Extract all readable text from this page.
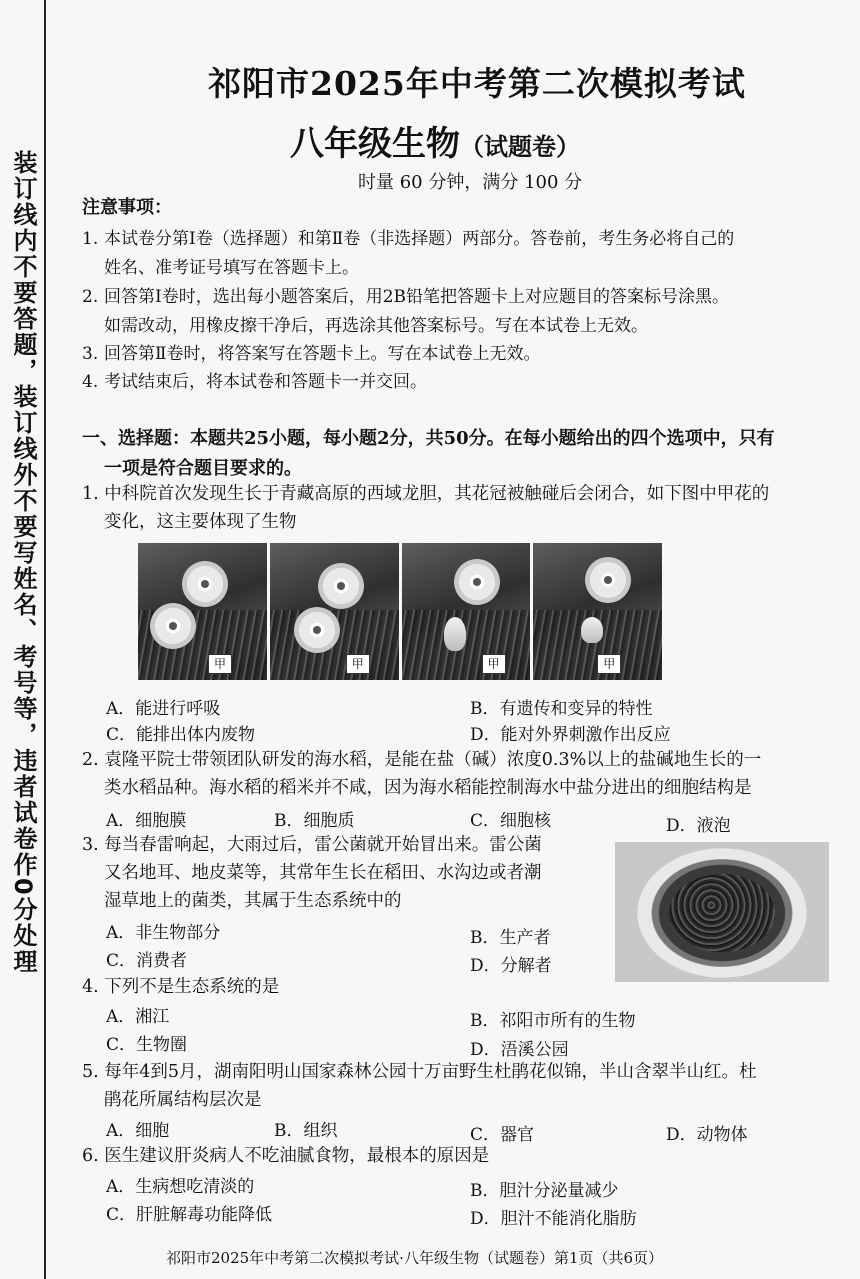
装订线内不要答题，装订线外不要写姓名、考号等，违者试卷作0分处理
祁阳市2025年中考第二次模拟考试
八年级生物（试题卷）
时量 60 分钟，满分 100 分
注意事项：
1. 本试卷分第Ⅰ卷（选择题）和第Ⅱ卷（非选择题）两部分。答卷前，考生务必将自己的
姓名、准考证号填写在答题卡上。
2. 回答第Ⅰ卷时，选出每小题答案后，用2B铅笔把答题卡上对应题目的答案标号涂黑。
如需改动，用橡皮擦干净后，再选涂其他答案标号。写在本试卷上无效。
3. 回答第Ⅱ卷时，将答案写在答题卡上。写在本试卷上无效。
4. 考试结束后，将本试卷和答题卡一并交回。
一、选择题：本题共25小题，每小题2分，共50分。在每小题给出的四个选项中，只有
一项是符合题目要求的。
1. 中科院首次发现生长于青藏高原的西域龙胆，其花冠被触碰后会闭合，如下图中甲花的
变化，这主要体现了生物
甲	甲	甲	甲
A．能进行呼吸	B．有遗传和变异的特性
C．能排出体内废物	D．能对外界刺激作出反应
2. 袁隆平院士带领团队研发的海水稻，是能在盐（碱）浓度0.3%以上的盐碱地生长的一
类水稻品种。海水稻的稻米并不咸，因为海水稻能控制海水中盐分进出的细胞结构是
A．细胞膜	B．细胞质	C．细胞核	D．液泡
3. 每当春雷响起，大雨过后，雷公菌就开始冒出来。雷公菌
又名地耳、地皮菜等，其常年生长在稻田、水沟边或者潮
湿草地上的菌类，其属于生态系统中的
A．非生物部分	B．生产者
C．消费者	D．分解者
4. 下列不是生态系统的是
A．湘江	B．祁阳市所有的生物
C．生物圈	D．浯溪公园
5. 每年4到5月，湖南阳明山国家森林公园十万亩野生杜鹃花似锦，半山含翠半山红。杜
鹃花所属结构层次是
A．细胞	B．组织	C．器官	D．动物体
6. 医生建议肝炎病人不吃油腻食物，最根本的原因是
A．生病想吃清淡的	B．胆汁分泌量减少
C．肝脏解毒功能降低	D．胆汁不能消化脂肪
祁阳市2025年中考第二次模拟考试·八年级生物（试题卷）第1页（共6页）
